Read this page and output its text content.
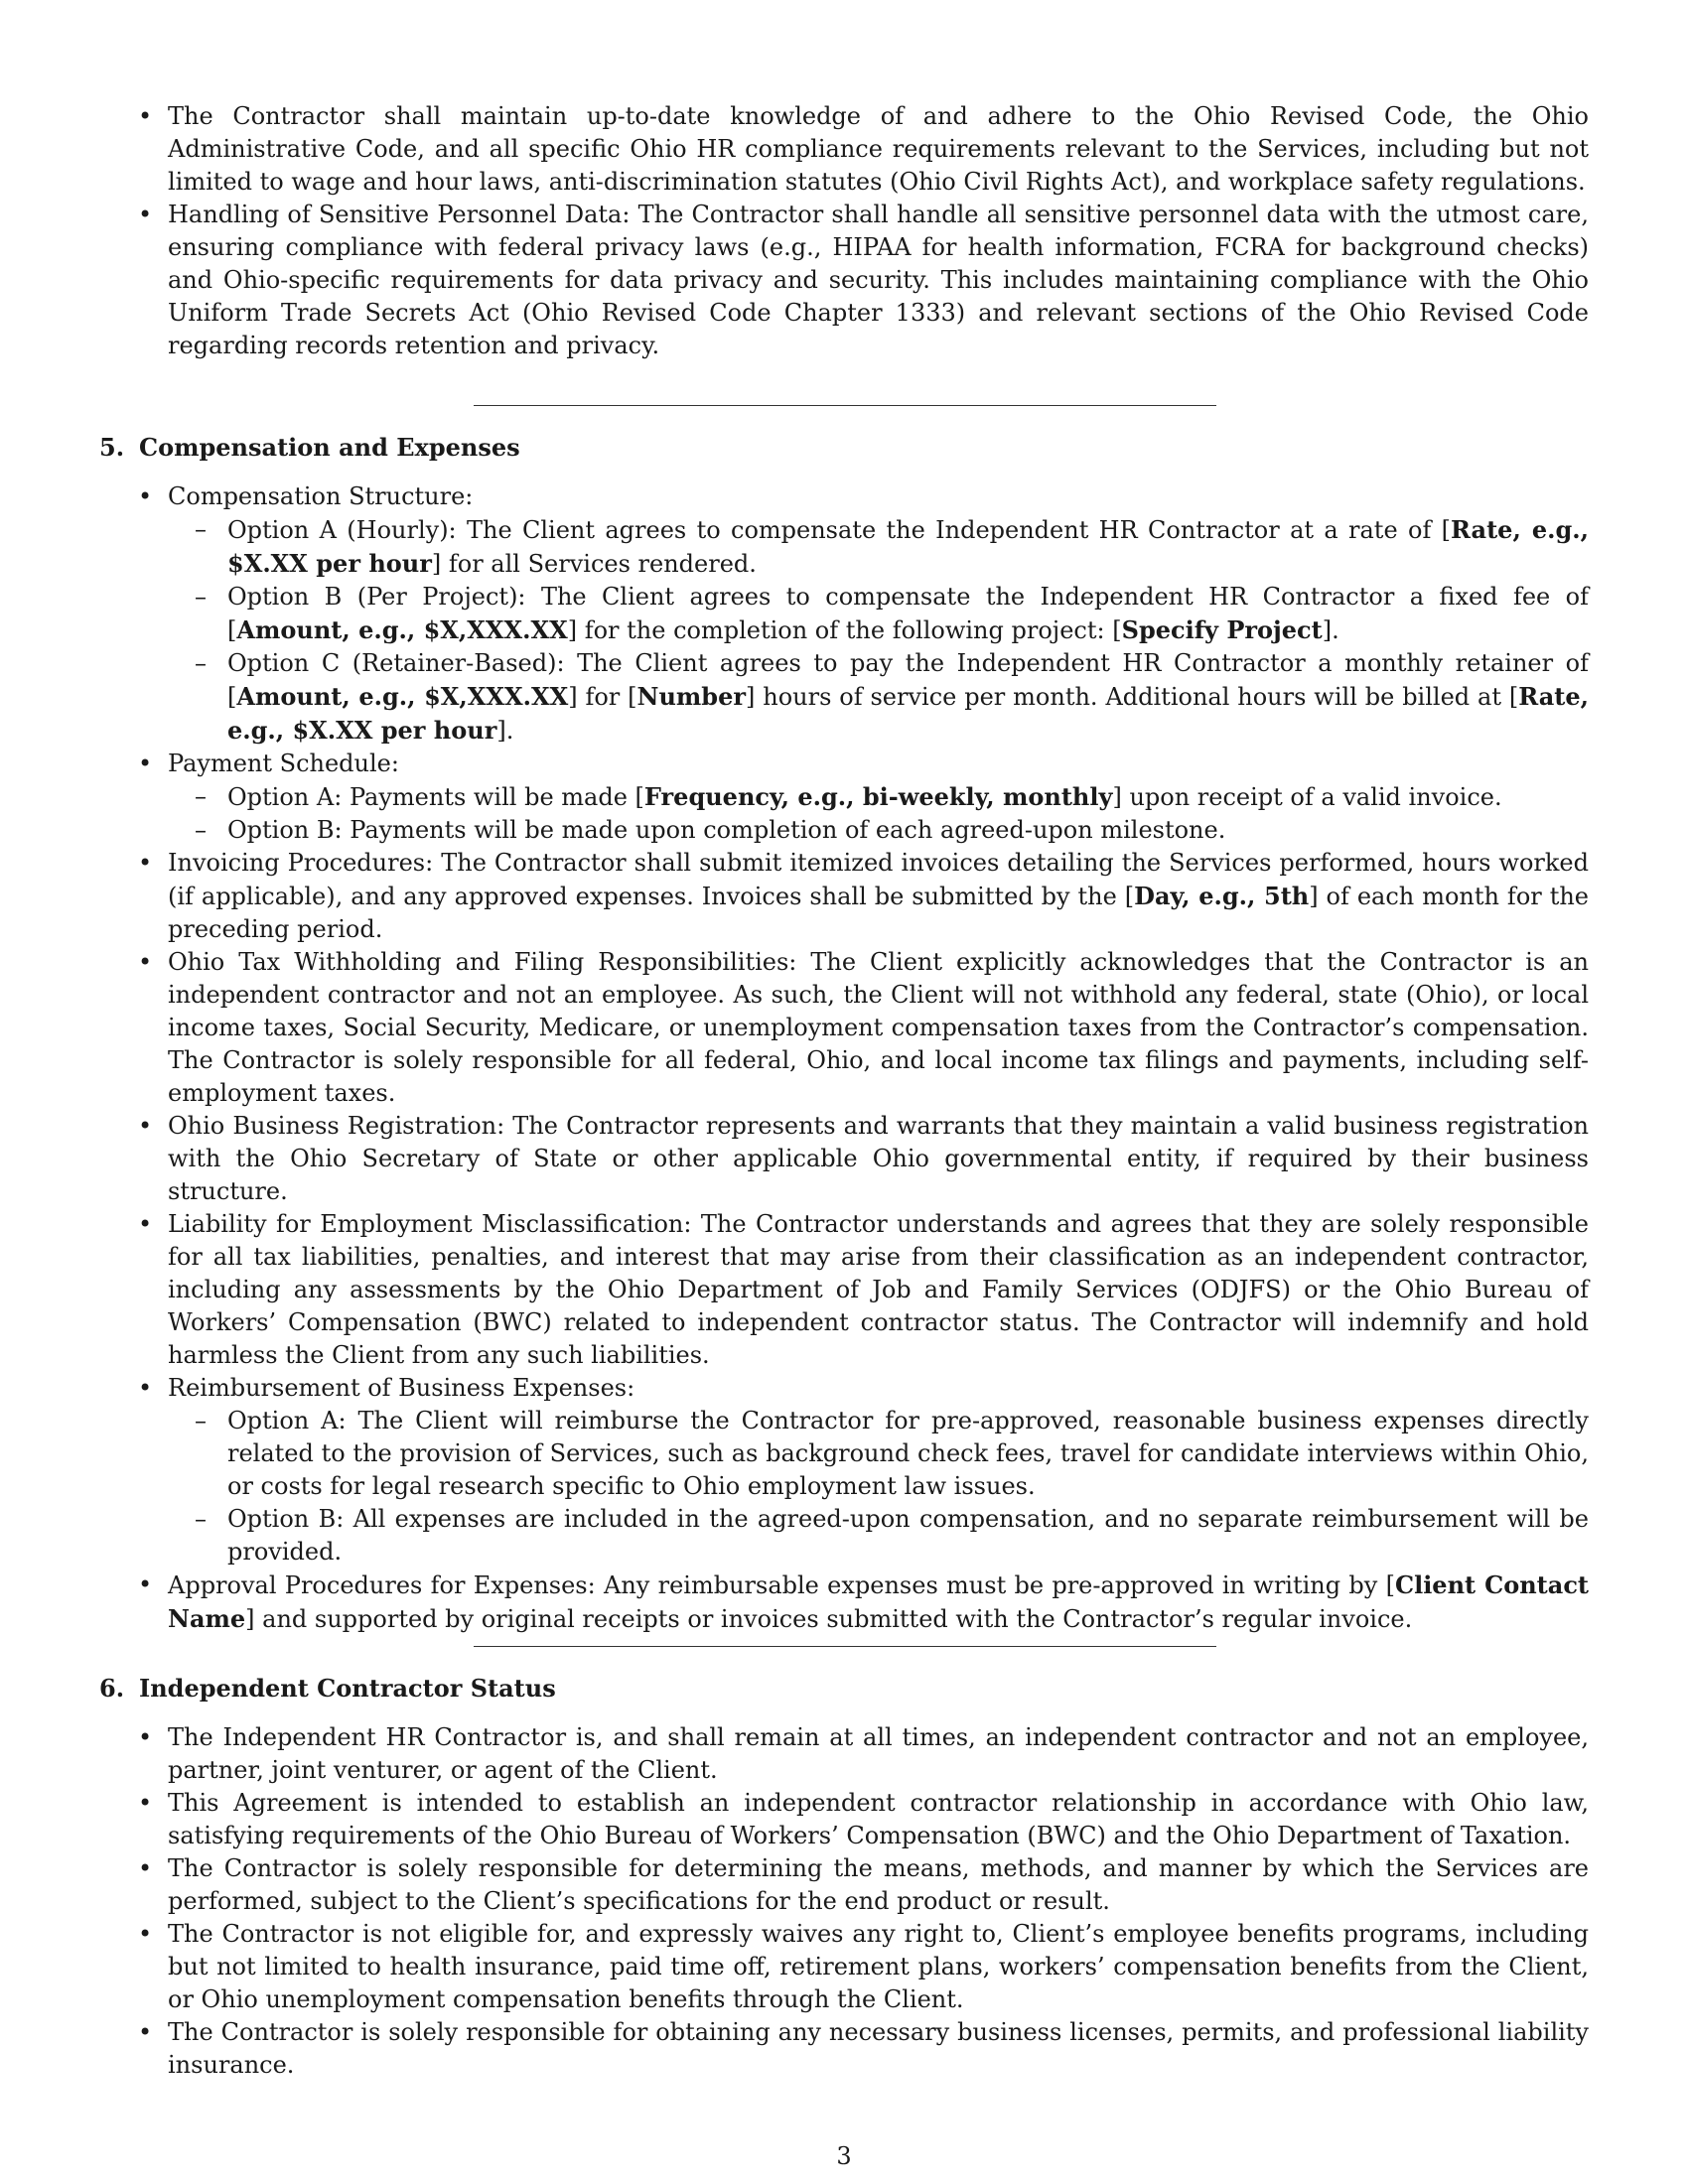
• The Contractor shall maintain up-to-date knowledge of and adhere to the Ohio Revised Code, the Ohio Administrative Code, and all specific Ohio HR compliance requirements relevant to the Services, including but not limited to wage and hour laws, anti-discrimination statutes (Ohio Civil Rights Act), and workplace safety regulations.
• Handling of Sensitive Personnel Data: The Contractor shall handle all sensitive personnel data with the utmost care, ensuring compliance with federal privacy laws (e.g., HIPAA for health information, FCRA for background checks) and Ohio-specific requirements for data privacy and security. This includes maintaining compliance with the Ohio Uniform Trade Secrets Act (Ohio Revised Code Chapter 1333) and relevant sections of the Ohio Revised Code regarding records retention and privacy.
5. Compensation and Expenses
• Compensation Structure:
– Option A (Hourly): The Client agrees to compensate the Independent HR Contractor at a rate of [Rate, e.g., $X.XX per hour] for all Services rendered.
– Option B (Per Project): The Client agrees to compensate the Independent HR Contractor a fixed fee of [Amount, e.g., $X,XXX.XX] for the completion of the following project: [Specify Project].
– Option C (Retainer-Based): The Client agrees to pay the Independent HR Contractor a monthly retainer of [Amount, e.g., $X,XXX.XX] for [Number] hours of service per month. Additional hours will be billed at [Rate, e.g., $X.XX per hour].
• Payment Schedule:
– Option A: Payments will be made [Frequency, e.g., bi-weekly, monthly] upon receipt of a valid invoice.
– Option B: Payments will be made upon completion of each agreed-upon milestone.
• Invoicing Procedures: The Contractor shall submit itemized invoices detailing the Services performed, hours worked (if applicable), and any approved expenses. Invoices shall be submitted by the [Day, e.g., 5th] of each month for the preceding period.
• Ohio Tax Withholding and Filing Responsibilities: The Client explicitly acknowledges that the Contractor is an independent contractor and not an employee. As such, the Client will not withhold any federal, state (Ohio), or local income taxes, Social Security, Medicare, or unemployment compensation taxes from the Contractor’s compensation. The Contractor is solely responsible for all federal, Ohio, and local income tax filings and payments, including self-employment taxes.
• Ohio Business Registration: The Contractor represents and warrants that they maintain a valid business registration with the Ohio Secretary of State or other applicable Ohio governmental entity, if required by their business structure.
• Liability for Employment Misclassification: The Contractor understands and agrees that they are solely responsible for all tax liabilities, penalties, and interest that may arise from their classification as an independent contractor, including any assessments by the Ohio Department of Job and Family Services (ODJFS) or the Ohio Bureau of Workers’ Compensation (BWC) related to independent contractor status. The Contractor will indemnify and hold harmless the Client from any such liabilities.
• Reimbursement of Business Expenses:
– Option A: The Client will reimburse the Contractor for pre-approved, reasonable business expenses directly related to the provision of Services, such as background check fees, travel for candidate interviews within Ohio, or costs for legal research specific to Ohio employment law issues.
– Option B: All expenses are included in the agreed-upon compensation, and no separate reimbursement will be provided.
• Approval Procedures for Expenses: Any reimbursable expenses must be pre-approved in writing by [Client Contact Name] and supported by original receipts or invoices submitted with the Contractor’s regular invoice.
6. Independent Contractor Status
• The Independent HR Contractor is, and shall remain at all times, an independent contractor and not an employee, partner, joint venturer, or agent of the Client.
• This Agreement is intended to establish an independent contractor relationship in accordance with Ohio law, satisfying requirements of the Ohio Bureau of Workers’ Compensation (BWC) and the Ohio Department of Taxation.
• The Contractor is solely responsible for determining the means, methods, and manner by which the Services are performed, subject to the Client’s specifications for the end product or result.
• The Contractor is not eligible for, and expressly waives any right to, Client’s employee benefits programs, including but not limited to health insurance, paid time off, retirement plans, workers’ compensation benefits from the Client, or Ohio unemployment compensation benefits through the Client.
• The Contractor is solely responsible for obtaining any necessary business licenses, permits, and professional liability insurance.
3
